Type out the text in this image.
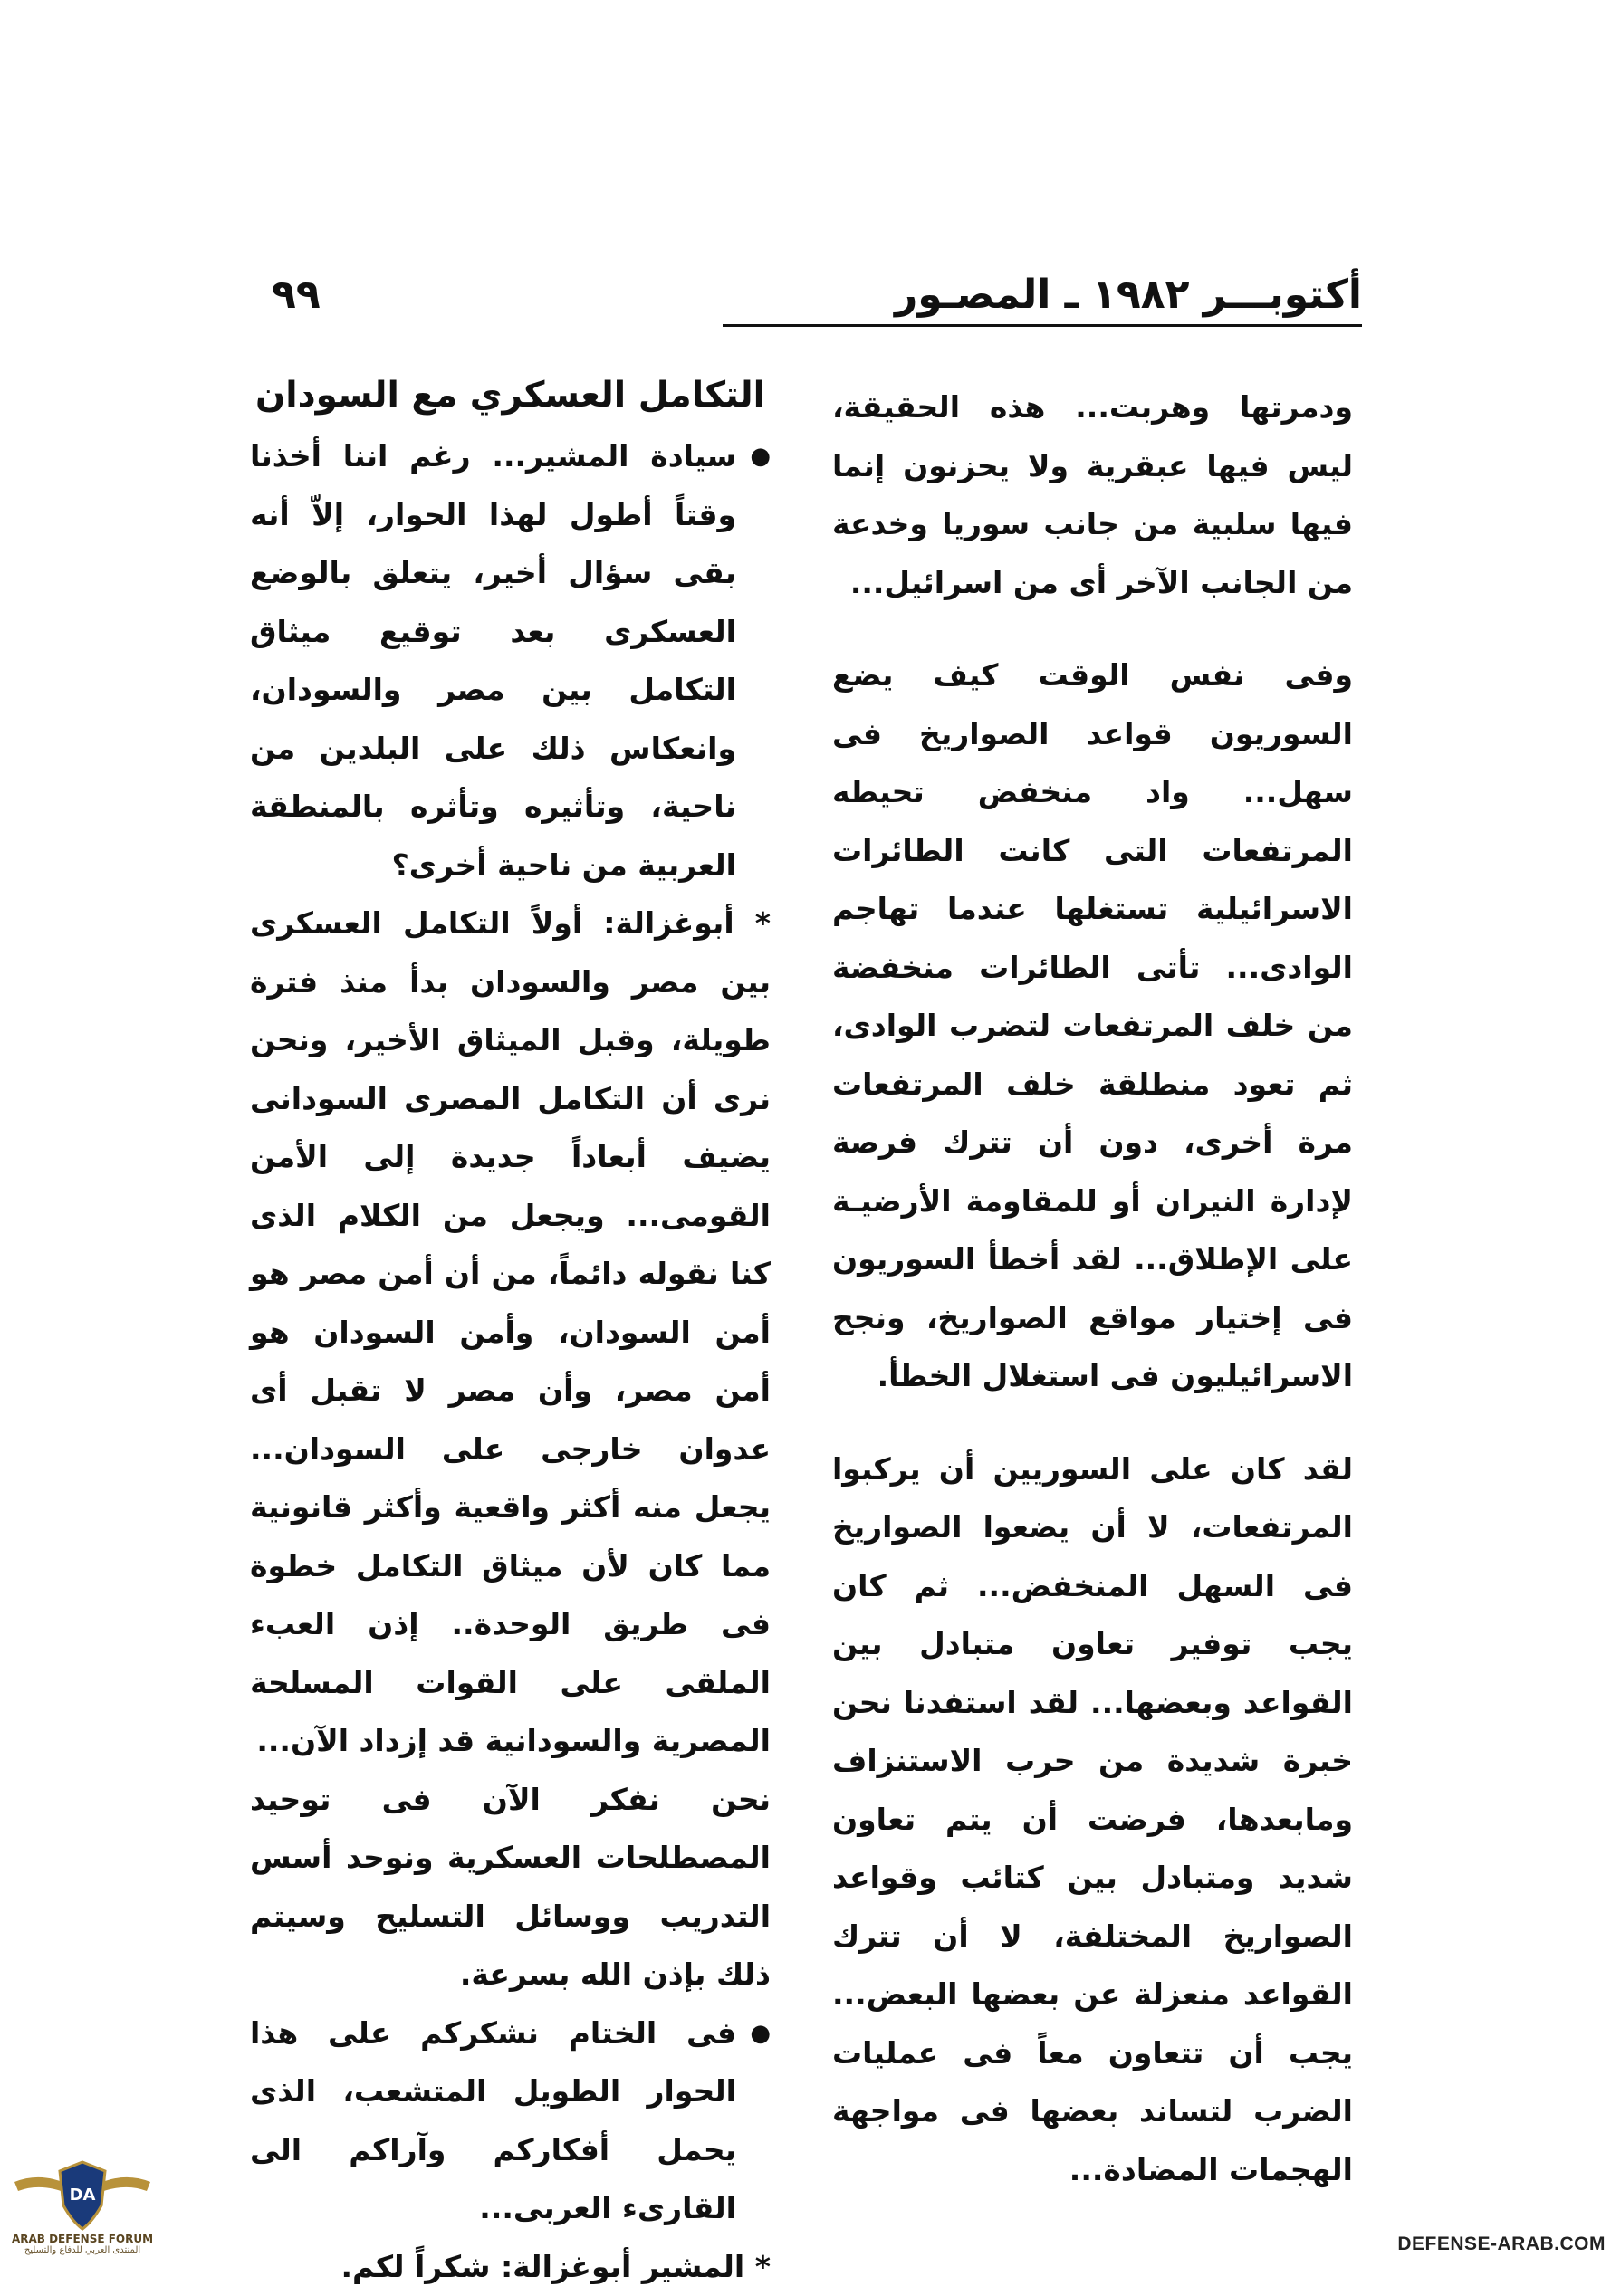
أكتوبـــر ١٩٨٢ ـ المصـور
٩٩

ودمرتها وهربت... هذه الحقيقة، ليس فيها عبقرية ولا يحزنون إنما فيها سلبية من جانب سوريا وخدعة من الجانب الآخر أى من اسرائيل...

وفى نفس الوقت كيف يضع السوريون قواعد الصواريخ فى سهل... واد منخفض تحيطه المرتفعات التى كانت الطائرات الاسرائيلية تستغلها عندما تهاجم الوادى... تأتى الطائرات منخفضة من خلف المرتفعات لتضرب الوادى، ثم تعود منطلقة خلف المرتفعات مرة أخرى، دون أن تترك فرصة لإدارة النيران أو للمقاومة الأرضيـة على الإطلاق... لقد أخطأ السوريون فى إختيار مواقع الصواريخ، ونجح الاسرائيليون فى استغلال الخطأ.

لقد كان على السوريين أن يركبوا المرتفعات، لا أن يضعوا الصواريخ فى السهل المنخفض... ثم كان يجب توفير تعاون متبادل بين القواعد وبعضها... لقد استفدنا نحن خبرة شديدة من حرب الاستنزاف ومابعدها، فرضت أن يتم تعاون شديد ومتبادل بين كتائب وقواعد الصواريخ المختلفة، لا أن تترك القواعد منعزلة عن بعضها البعض... يجب أن تتعاون معاً فى عمليات الضرب لتساند بعضها فى مواجهة الهجمات المضادة...

التكامل العسكري مع السودان

●
سيادة المشير... رغم اننا أخذنا وقتاً أطول لهذا الحوار، إلاّ أنه بقى سؤال أخير، يتعلق بالوضع العسكرى بعد توقيع ميثاق التكامل بين مصر والسودان، وانعكاس ذلك على البلدين من ناحية، وتأثيره وتأثره بالمنطقة العربية من ناحية أخرى؟

* أبوغزالة: أولاً التكامل العسكرى بين مصر والسودان بدأ منذ فترة طويلة، وقبل الميثاق الأخير، ونحن نرى أن التكامل المصرى السودانى يضيف أبعاداً جديدة إلى الأمن القومى... ويجعل من الكلام الذى كنا نقوله دائماً، من أن أمن مصر هو أمن السودان، وأمن السودان هو أمن مصر، وأن مصر لا تقبل أى عدوان خارجى على السودان... يجعل منه أكثر واقعية وأكثر قانونية مما كان لأن ميثاق التكامل خطوة فى طريق الوحدة.. إذن العبء الملقى على القوات المسلحة المصرية والسودانية قد إزداد الآن...

نحن نفكر الآن فى توحيد المصطلحات العسكرية ونوحد أسس التدريب ووسائل التسليح وسيتم ذلك بإذن الله بسرعة.

●
فى الختام نشكركم على هذا الحوار الطويل المتشعب، الذى يحمل أفكاركم وآراكم الى القارىء العربى...

* المشير أبوغزالة: شكراً لكم.

DA
ARAB DEFENSE FORUM
المنتدى العربي للدفاع والتسليح	DEFENSE-ARAB.COM
